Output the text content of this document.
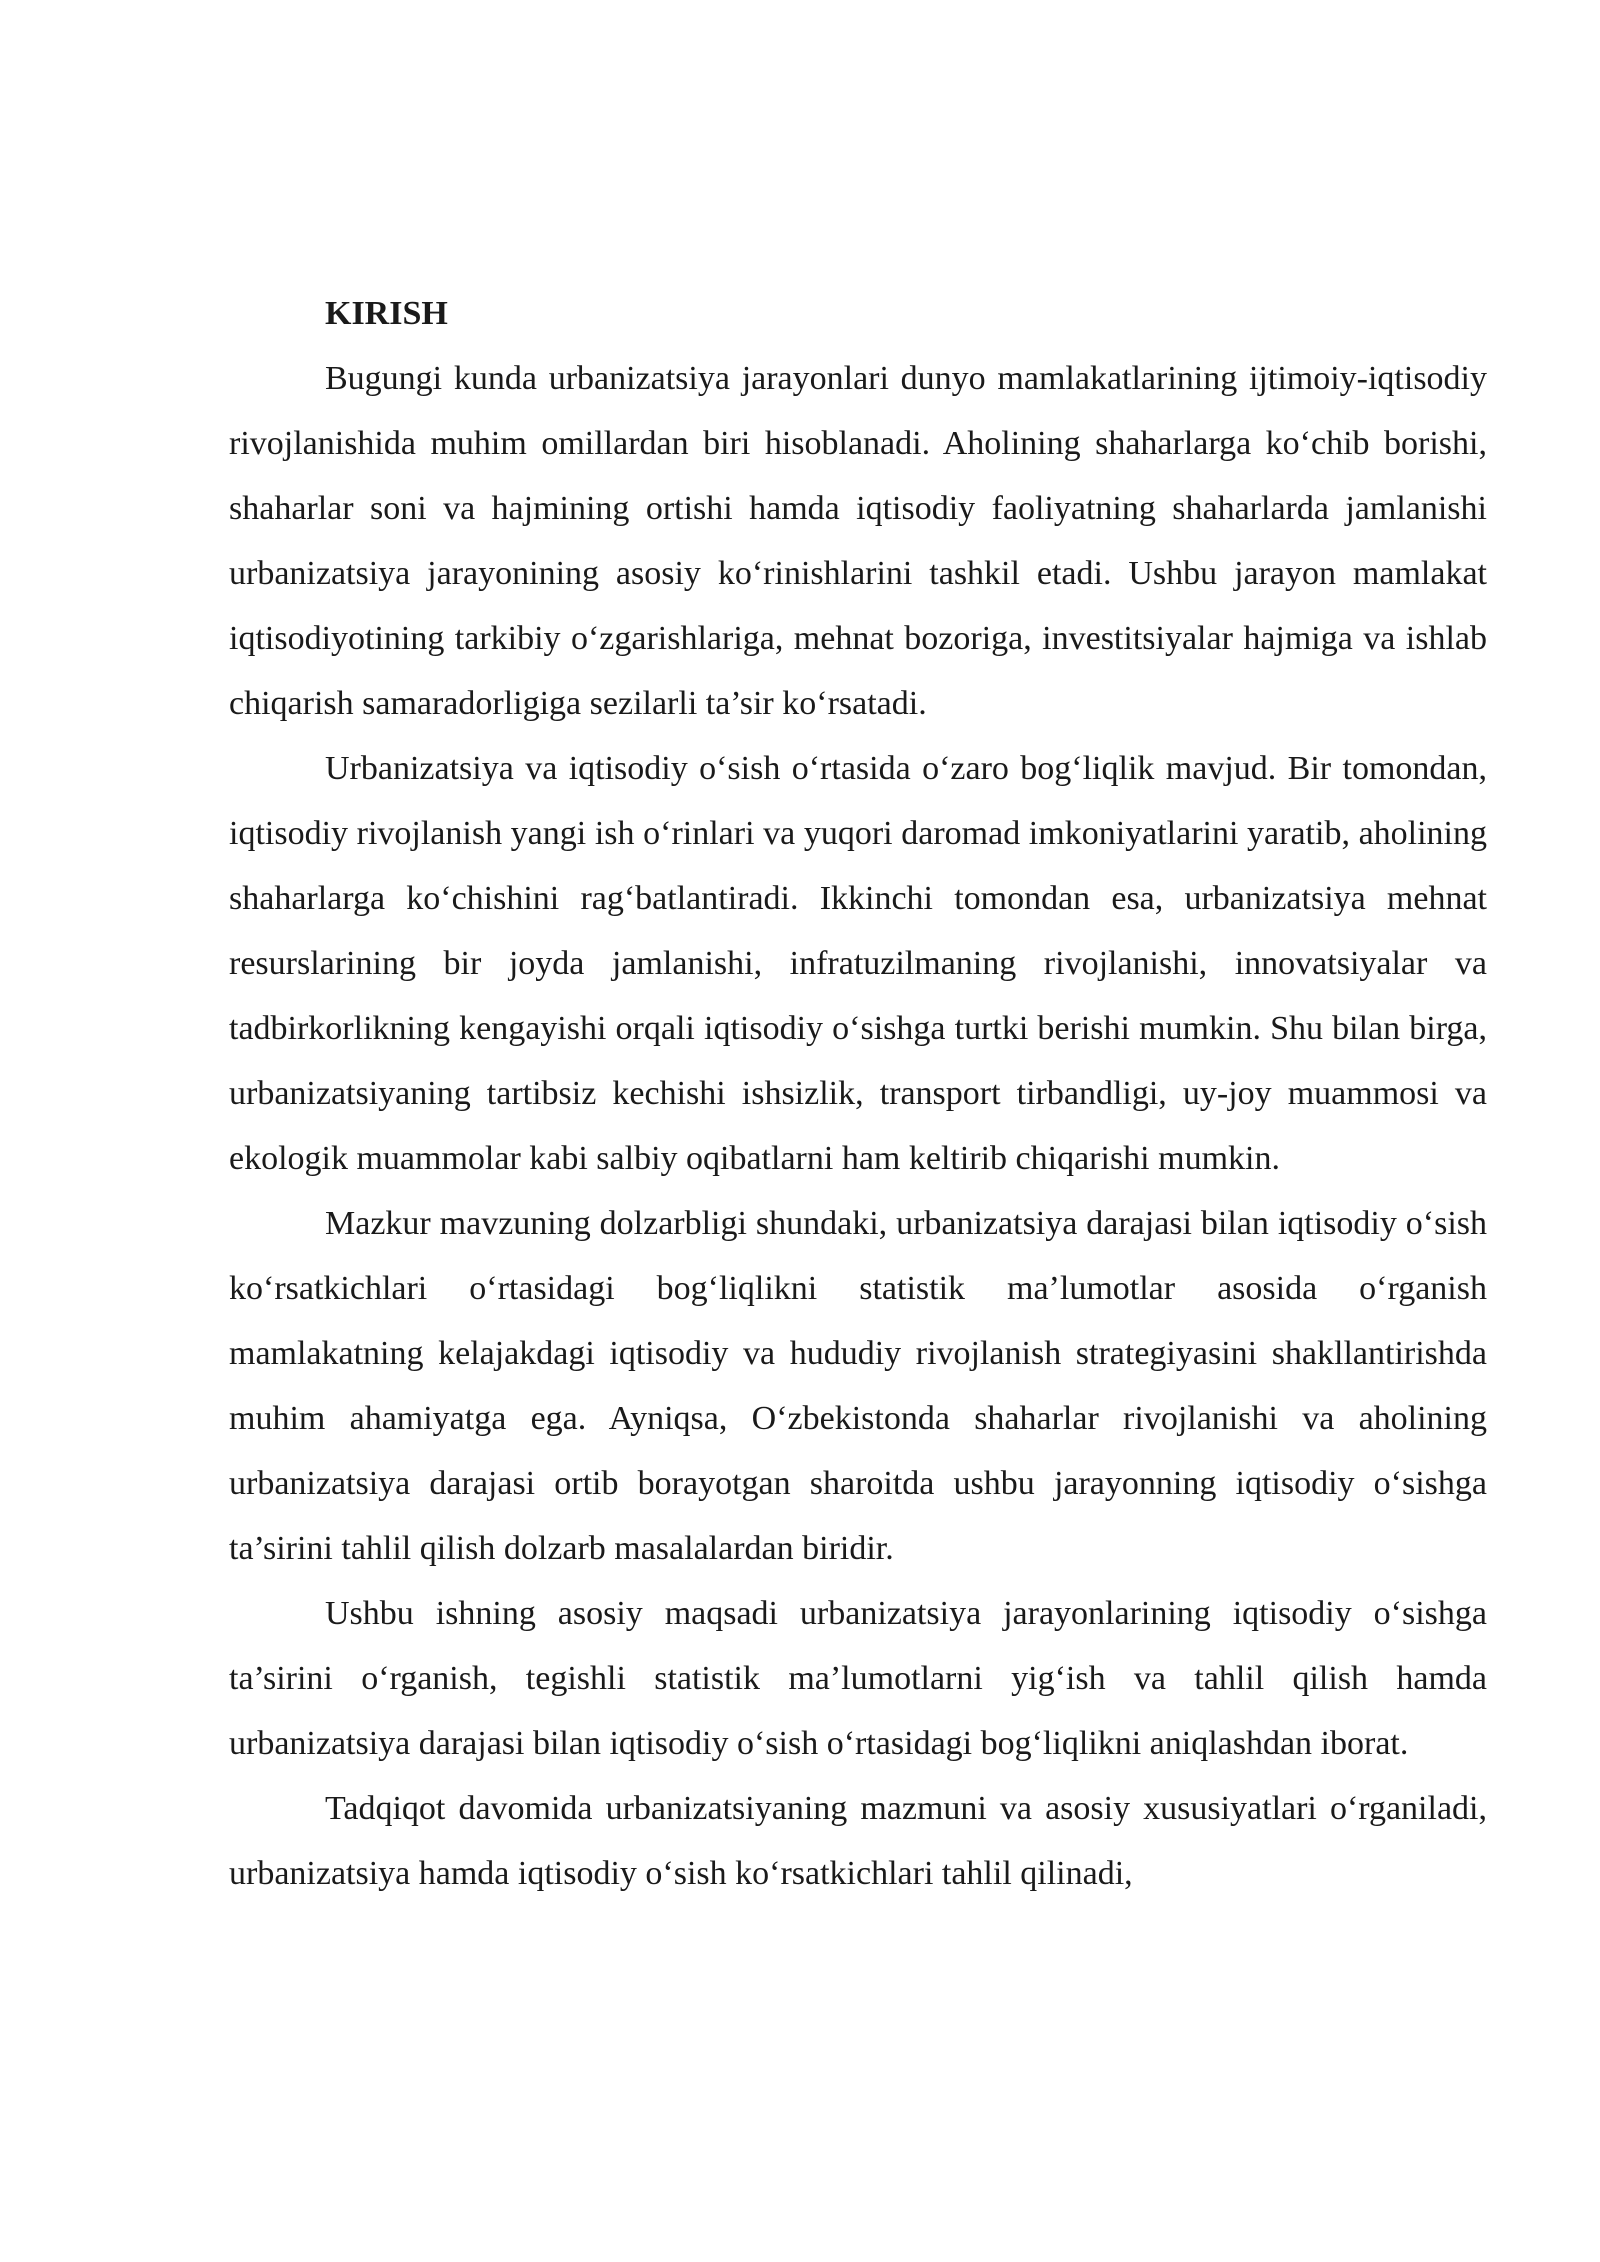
KIRISH

Bugungi kunda urbanizatsiya jarayonlari dunyo mamlakatlarining ijtimoiy-iqtisodiy rivojlanishida muhim omillardan biri hisoblanadi. Aholining shaharlarga ko‘chib borishi, shaharlar soni va hajmining ortishi hamda iqtisodiy faoliyatning shaharlarda jamlanishi urbanizatsiya jarayonining asosiy ko‘rinishlarini tashkil etadi. Ushbu jarayon mamlakat iqtisodiyotining tarkibiy o‘zgarishlariga, mehnat bozoriga, investitsiyalar hajmiga va ishlab chiqarish samaradorligiga sezilarli ta’sir ko‘rsatadi.

Urbanizatsiya va iqtisodiy o‘sish o‘rtasida o‘zaro bog‘liqlik mavjud. Bir tomondan, iqtisodiy rivojlanish yangi ish o‘rinlari va yuqori daromad imkoniyatlarini yaratib, aholining shaharlarga ko‘chishini rag‘batlantiradi. Ikkinchi tomondan esa, urbanizatsiya mehnat resurslarining bir joyda jamlanishi, infratuzilmaning rivojlanishi, innovatsiyalar va tadbirkorlikning kengayishi orqali iqtisodiy o‘sishga turtki berishi mumkin. Shu bilan birga, urbanizatsiyaning tartibsiz kechishi ishsizlik, transport tirbandligi, uy-joy muammosi va ekologik muammolar kabi salbiy oqibatlarni ham keltirib chiqarishi mumkin.

Mazkur mavzuning dolzarbligi shundaki, urbanizatsiya darajasi bilan iqtisodiy o‘sish ko‘rsatkichlari o‘rtasidagi bog‘liqlikni statistik ma’lumotlar asosida o‘rganish mamlakatning kelajakdagi iqtisodiy va hududiy rivojlanish strategiyasini shakllantirishda muhim ahamiyatga ega. Ayniqsa, O‘zbekistonda shaharlar rivojlanishi va aholining urbanizatsiya darajasi ortib borayotgan sharoitda ushbu jarayonning iqtisodiy o‘sishga ta’sirini tahlil qilish dolzarb masalalardan biridir.

Ushbu ishning asosiy maqsadi urbanizatsiya jarayonlarining iqtisodiy o‘sishga ta’sirini o‘rganish, tegishli statistik ma’lumotlarni yig‘ish va tahlil qilish hamda urbanizatsiya darajasi bilan iqtisodiy o‘sish o‘rtasidagi bog‘liqlikni aniqlashdan iborat.

Tadqiqot davomida urbanizatsiyaning mazmuni va asosiy xususiyatlari o‘rganiladi, urbanizatsiya hamda iqtisodiy o‘sish ko‘rsatkichlari tahlil qilinadi,
